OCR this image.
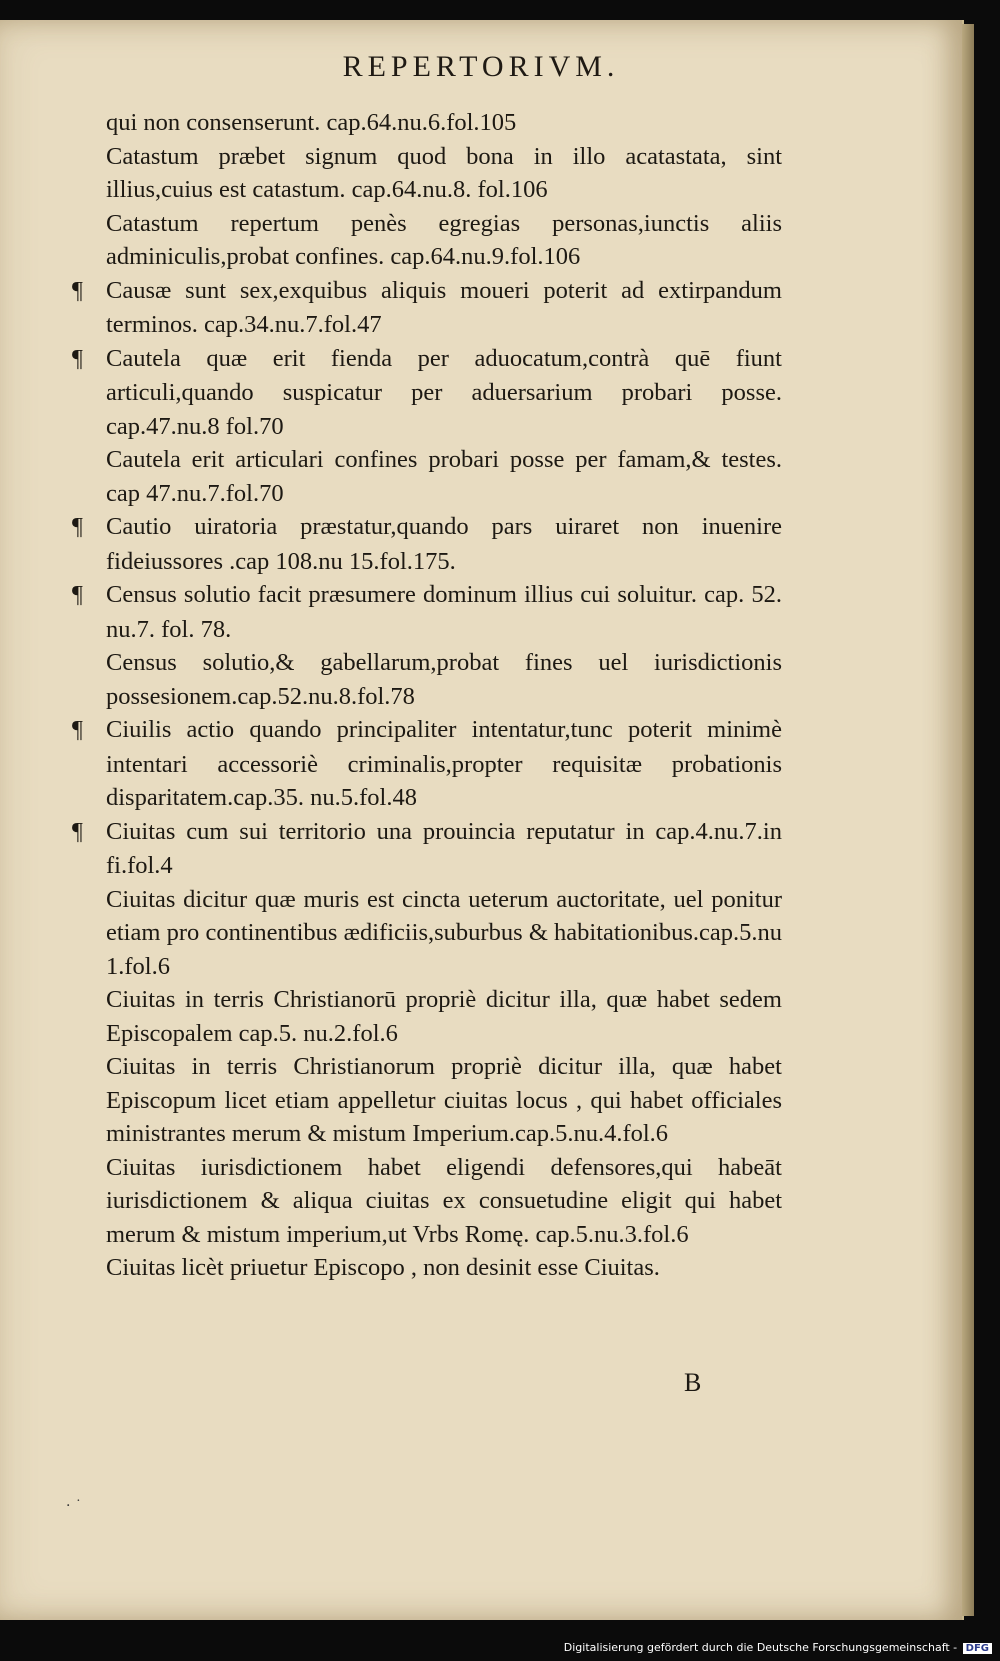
REPERTORIVM.
qui non consenserunt. cap.64.nu.6.fol.105
Catastum præbet signum quod bona in illo acatastata, sint illius,cuius est catastum. cap.64.nu.8. fol.106
Catastum repertum penès egregias personas,iunctis aliis adminiculis,probat confines. cap.64.nu.9.fol.106
¶ Causæ sunt sex,exquibus aliquis moueri poterit ad extirpandum terminos. cap.34.nu.7.fol.47
¶ Cautela quæ erit fienda per aduocatum,contrà quē fiunt articuli,quando suspicatur per aduersarium probari posse. cap.47.nu.8 fol.70
Cautela erit articulari confines probari posse per famam,& testes. cap 47.nu.7.fol.70
¶ Cautio uiratoria præstatur,quando pars uiraret non inuenire fideiussores .cap 108.nu 15.fol.175.
¶ Census solutio facit præsumere dominum illius cui soluitur. cap. 52. nu.7. fol. 78.
Census solutio,& gabellarum,probat fines uel iurisdictionis possesionem.cap.52.nu.8.fol.78
¶ Ciuilis actio quando principaliter intentatur,tunc poterit minimè intentari accessoriè criminalis,propter requisitæ probationis disparitatem.cap.35. nu.5.fol.48
¶ Ciuitas cum sui territorio una prouincia reputatur in cap.4.nu.7.in fi.fol.4
Ciuitas dicitur quæ muris est cincta ueterum auctoritate, uel ponitur etiam pro continentibus ædificiis,suburbus & habitationibus.cap.5.nu 1.fol.6
Ciuitas in terris Christianorū propriè dicitur illa, quæ habet sedem Episcopalem cap.5. nu.2.fol.6
Ciuitas in terris Christianorum propriè dicitur illa, quæ habet Episcopum licet etiam appelletur ciuitas locus , qui habet officiales ministrantes merum & mistum Imperium.cap.5.nu.4.fol.6
Ciuitas iurisdictionem habet eligendi defensores,qui habeāt iurisdictionem & aliqua ciuitas ex consuetudine eligit qui habet merum & mistum imperium,ut Vrbs Romę. cap.5.nu.3.fol.6
Ciuitas licèt priuetur Episcopo , non desinit esse Ciuitas.
B
· ˙
Digitalisierung gefördert durch die Deutsche Forschungsgemeinschaft - DFG
